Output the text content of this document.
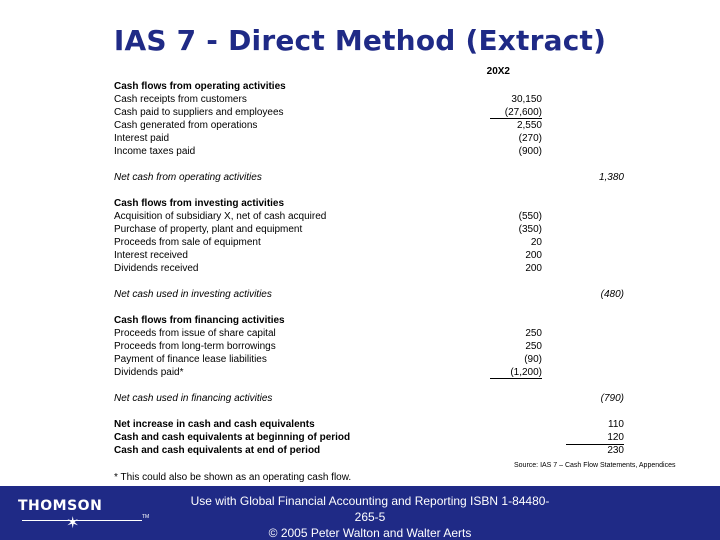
IAS 7 - Direct Method (Extract)
20X2
Cash flows from operating activities
Cash receipts from customers	30,150
Cash paid to suppliers and employees	(27,600)
Cash generated from operations	2,550
Interest paid	(270)
Income taxes paid	(900)
Net cash from operating activities	1,380
Cash flows from investing activities
Acquisition of subsidiary X, net of cash acquired	(550)
Purchase of property, plant and equipment	(350)
Proceeds from sale of equipment	20
Interest received	200
Dividends received	200
Net cash used in investing activities	(480)
Cash flows from financing activities
Proceeds from issue of share capital	250
Proceeds from long-term borrowings	250
Payment of finance lease liabilities	(90)
Dividends paid*	(1,200)
Net cash used in financing activities	(790)
Net increase in cash and cash equivalents	110
Cash and cash equivalents at beginning of period	120
Cash and cash equivalents at end of period	230
Source: IAS 7 – Cash Flow Statements, Appendices
* This could also be shown as an operating cash flow.
THOMSON
✶	TM
Use with Global Financial Accounting and Reporting ISBN 1-84480-265-5
© 2005 Peter Walton and Walter Aerts
